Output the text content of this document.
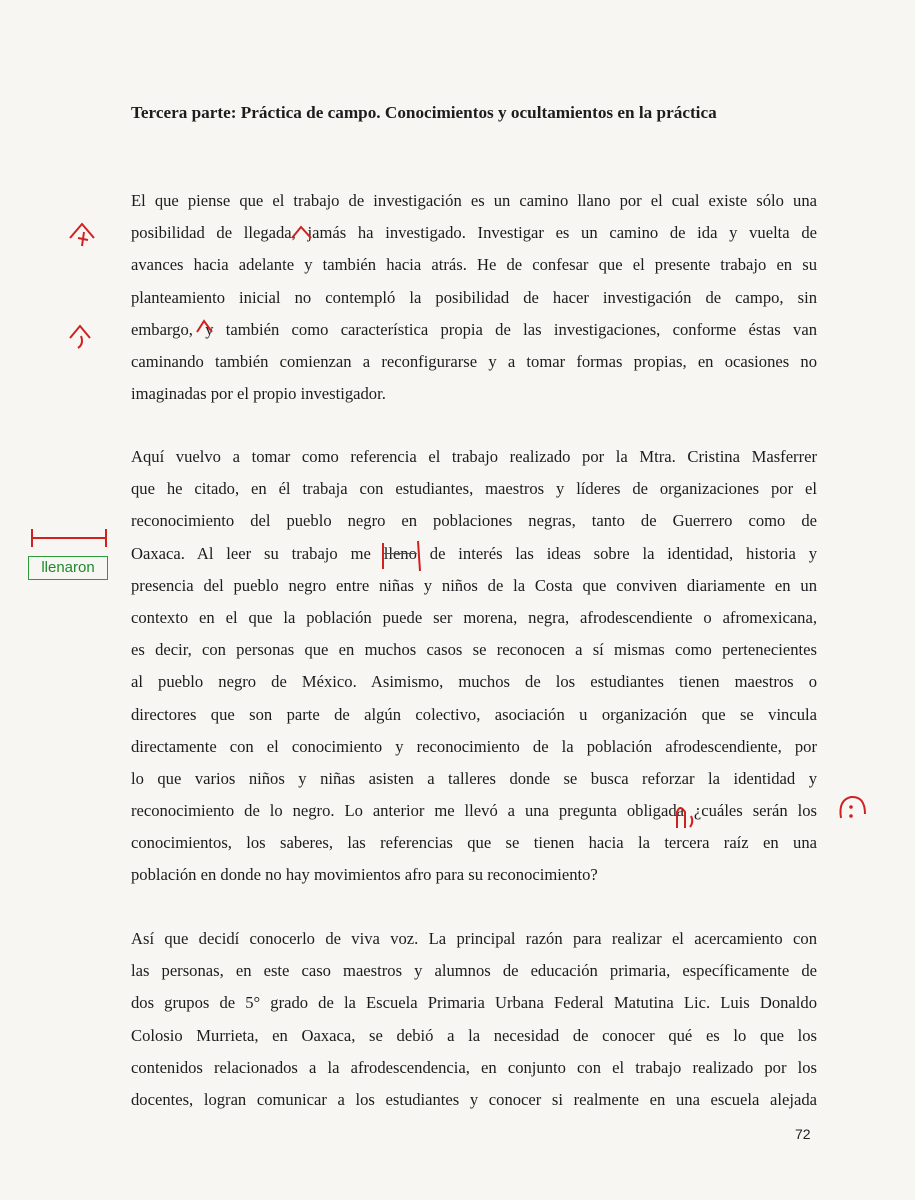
Tercera parte: Práctica de campo. Conocimientos y ocultamientos en la práctica
El que piense que el trabajo de investigación es un camino llano por el cual existe sólo una
posibilidad de llegada, jamás ha investigado. Investigar es un camino de ida y vuelta de
avances hacia adelante y también hacia atrás. He de confesar que el presente trabajo en su
planteamiento inicial no contempló la posibilidad de hacer investigación de campo, sin
embargo, y también como característica propia de las investigaciones, conforme éstas van
caminando también comienzan a reconfigurarse y a tomar formas propias, en ocasiones no
imaginadas por el propio investigador.
Aquí vuelvo a tomar como referencia el trabajo realizado por la Mtra. Cristina Masferrer
que he citado, en él trabaja con estudiantes, maestros y líderes de organizaciones por el
reconocimiento del pueblo negro en poblaciones negras, tanto de Guerrero como de
Oaxaca. Al leer su trabajo me lleno de interés las ideas sobre la identidad, historia y
presencia del pueblo negro entre niñas y niños de la Costa que conviven diariamente en un
contexto en el que la población puede ser morena, negra, afrodescendiente o afromexicana,
es decir, con personas que en muchos casos se reconocen a sí mismas como pertenecientes
al pueblo negro de México. Asimismo, muchos de los estudiantes tienen maestros o
directores que son parte de algún colectivo, asociación u organización que se vincula
directamente con el conocimiento y reconocimiento de la población afrodescendiente, por
lo que varios niños y niñas asisten a talleres donde se busca reforzar la identidad y
reconocimiento de lo negro. Lo anterior me llevó a una pregunta obligada ¿cuáles serán los
conocimientos, los saberes, las referencias que se tienen hacia la tercera raíz en una
población en donde no hay movimientos afro para su reconocimiento?
Así que decidí conocerlo de viva voz. La principal razón para realizar el acercamiento con
las personas, en este caso maestros y alumnos de educación primaria, específicamente de
dos grupos de 5° grado de la Escuela Primaria Urbana Federal Matutina Lic. Luis Donaldo
Colosio Murrieta, en Oaxaca, se debió a la necesidad de conocer qué es lo que los
contenidos relacionados a la afrodescendencia, en conjunto con el trabajo realizado por los
docentes, logran comunicar a los estudiantes y conocer si realmente en una escuela alejada
llenaron
72
